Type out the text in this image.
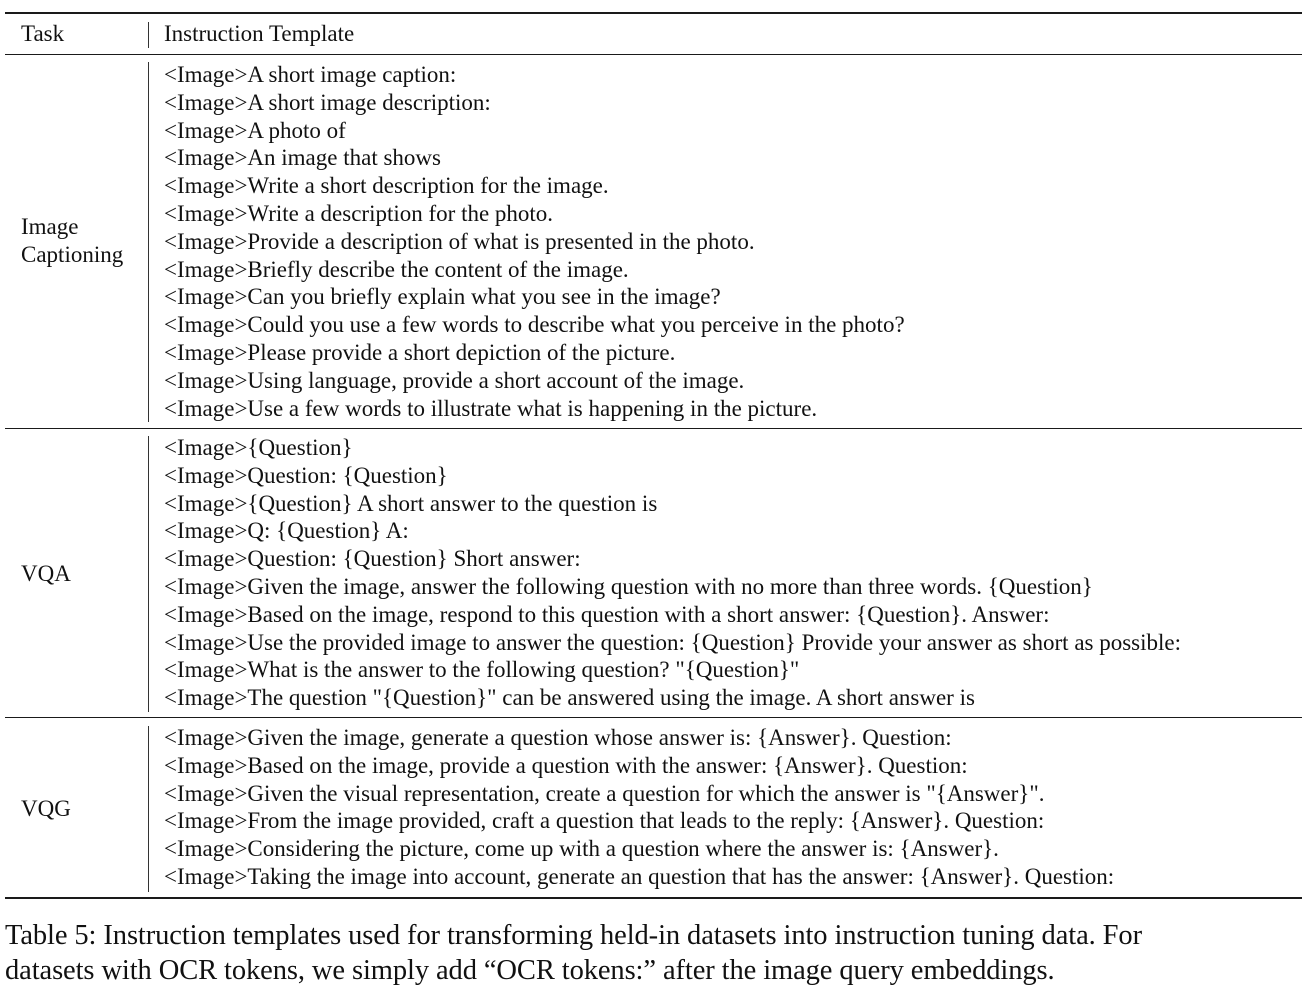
Task	Instruction Template
Image
Captioning
<Image>A short image caption:
<Image>A short image description:
<Image>A photo of
<Image>An image that shows
<Image>Write a short description for the image.
<Image>Write a description for the photo.
<Image>Provide a description of what is presented in the photo.
<Image>Briefly describe the content of the image.
<Image>Can you briefly explain what you see in the image?
<Image>Could you use a few words to describe what you perceive in the photo?
<Image>Please provide a short depiction of the picture.
<Image>Using language, provide a short account of the image.
<Image>Use a few words to illustrate what is happening in the picture.
VQA
<Image>{Question}
<Image>Question: {Question}
<Image>{Question} A short answer to the question is
<Image>Q: {Question} A:
<Image>Question: {Question} Short answer:
<Image>Given the image, answer the following question with no more than three words. {Question}
<Image>Based on the image, respond to this question with a short answer: {Question}. Answer:
<Image>Use the provided image to answer the question: {Question} Provide your answer as short as possible:
<Image>What is the answer to the following question? "{Question}"
<Image>The question "{Question}" can be answered using the image. A short answer is
VQG
<Image>Given the image, generate a question whose answer is: {Answer}. Question:
<Image>Based on the image, provide a question with the answer: {Answer}. Question:
<Image>Given the visual representation, create a question for which the answer is "{Answer}".
<Image>From the image provided, craft a question that leads to the reply: {Answer}. Question:
<Image>Considering the picture, come up with a question where the answer is: {Answer}.
<Image>Taking the image into account, generate an question that has the answer: {Answer}. Question:
Table 5: Instruction templates used for transforming held-in datasets into instruction tuning data. For
datasets with OCR tokens, we simply add “OCR tokens:” after the image query embeddings.
